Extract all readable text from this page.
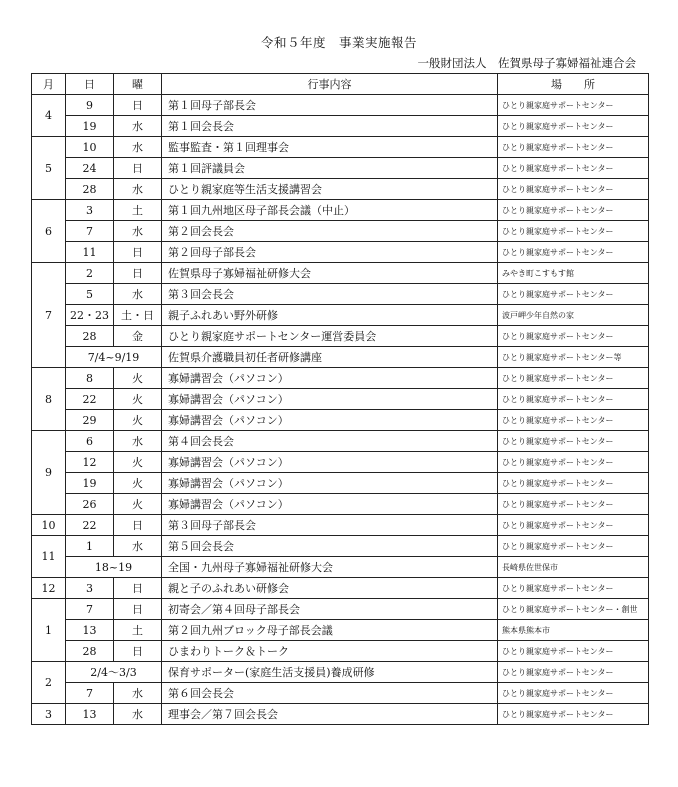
令和５年度　事業実施報告
一般財団法人　佐賀県母子寡婦福祉連合会
月	日	曜	行事内容	場　　所
4	9	日	第１回母子部長会	ひとり親家庭サポートセンター
	19	水	第１回会長会	ひとり親家庭サポートセンター
5	10	水	監事監査・第１回理事会	ひとり親家庭サポートセンター
	24	日	第１回評議員会	ひとり親家庭サポートセンター
	28	水	ひとり親家庭等生活支援講習会	ひとり親家庭サポートセンター
6	3	土	第１回九州地区母子部長会議（中止）	ひとり親家庭サポートセンター
	7	水	第２回会長会	ひとり親家庭サポートセンター
	11	日	第２回母子部長会	ひとり親家庭サポートセンター
7	2	日	佐賀県母子寡婦福祉研修大会	みやき町こすもす館
	5	水	第３回会長会	ひとり親家庭サポートセンター
	22・23	土・日	親子ふれあい野外研修	波戸岬少年自然の家
	28	金	ひとり親家庭サポートセンター運営委員会	ひとり親家庭サポートセンター
	7/4~9/19		佐賀県介護職員初任者研修講座	ひとり親家庭サポートセンター等
8	8	火	寡婦講習会（パソコン）	ひとり親家庭サポートセンター
	22	火	寡婦講習会（パソコン）	ひとり親家庭サポートセンター
	29	火	寡婦講習会（パソコン）	ひとり親家庭サポートセンター
9	6	水	第４回会長会	ひとり親家庭サポートセンター
	12	火	寡婦講習会（パソコン）	ひとり親家庭サポートセンター
	19	火	寡婦講習会（パソコン）	ひとり親家庭サポートセンター
	26	火	寡婦講習会（パソコン）	ひとり親家庭サポートセンター
10	22	日	第３回母子部長会	ひとり親家庭サポートセンター
11	1	水	第５回会長会	ひとり親家庭サポートセンター
	18~19		全国・九州母子寡婦福祉研修大会	長崎県佐世保市
12	3	日	親と子のふれあい研修会	ひとり親家庭サポートセンター
1	7	日	初寄会／第４回母子部長会	ひとり親家庭サポートセンター・創世
	13	土	第２回九州ブロック母子部長会議	熊本県熊本市
	28	日	ひまわりトーク＆トーク	ひとり親家庭サポートセンター
2	2/4～3/3		保育サポーター(家庭生活支援員)養成研修	ひとり親家庭サポートセンター
	7	水	第６回会長会	ひとり親家庭サポートセンター
3	13	水	理事会／第７回会長会	ひとり親家庭サポートセンター
